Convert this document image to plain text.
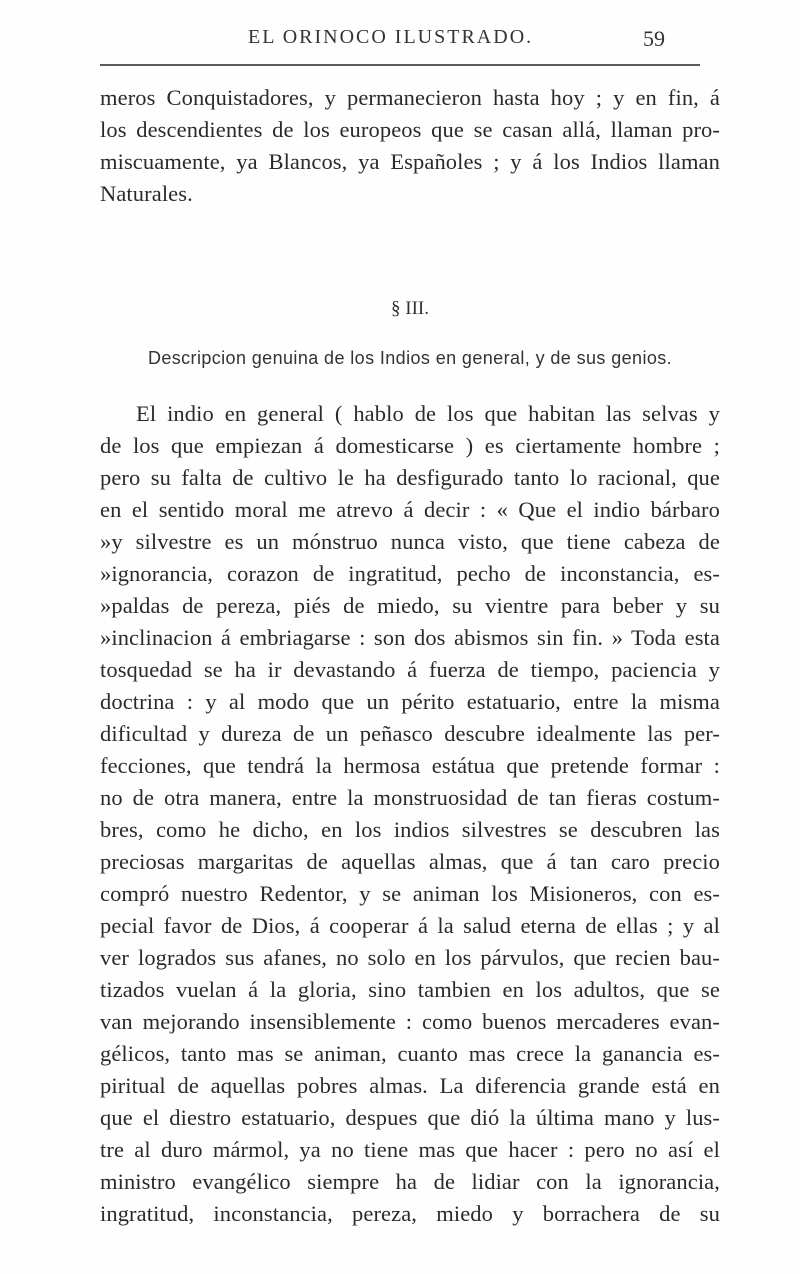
EL ORINOCO ILUSTRADO.	59
meros Conquistadores, y permanecieron hasta hoy ; y en fin, á
los descendientes de los europeos que se casan allá, llaman pro-
miscuamente, ya Blancos, ya Españoles ; y á los Indios llaman
Naturales.
§ III.
Descripcion genuina de los Indios en general, y de sus genios.
El indio en general ( hablo de los que habitan las selvas y
de los que empiezan á domesticarse ) es ciertamente hombre ;
pero su falta de cultivo le ha desfigurado tanto lo racional, que
en el sentido moral me atrevo á decir : « Que el indio bárbaro
»y silvestre es un mónstruo nunca visto, que tiene cabeza de
»ignorancia, corazon de ingratitud, pecho de inconstancia, es-
»paldas de pereza, piés de miedo, su vientre para beber y su
»inclinacion á embriagarse : son dos abismos sin fin. » Toda esta
tosquedad se ha ir devastando á fuerza de tiempo, paciencia y
doctrina : y al modo que un périto estatuario, entre la misma
dificultad y dureza de un peñasco descubre idealmente las per-
fecciones, que tendrá la hermosa estátua que pretende formar :
no de otra manera, entre la monstruosidad de tan fieras costum-
bres, como he dicho, en los indios silvestres se descubren las
preciosas margaritas de aquellas almas, que á tan caro precio
compró nuestro Redentor, y se animan los Misioneros, con es-
pecial favor de Dios, á cooperar á la salud eterna de ellas ; y al
ver logrados sus afanes, no solo en los párvulos, que recien bau-
tizados vuelan á la gloria, sino tambien en los adultos, que se
van mejorando insensiblemente : como buenos mercaderes evan-
gélicos, tanto mas se animan, cuanto mas crece la ganancia es-
piritual de aquellas pobres almas. La diferencia grande está en
que el diestro estatuario, despues que dió la última mano y lus-
tre al duro mármol, ya no tiene mas que hacer : pero no así el
ministro evangélico siempre ha de lidiar con la ignorancia,
ingratitud, inconstancia, pereza, miedo y borrachera de su
